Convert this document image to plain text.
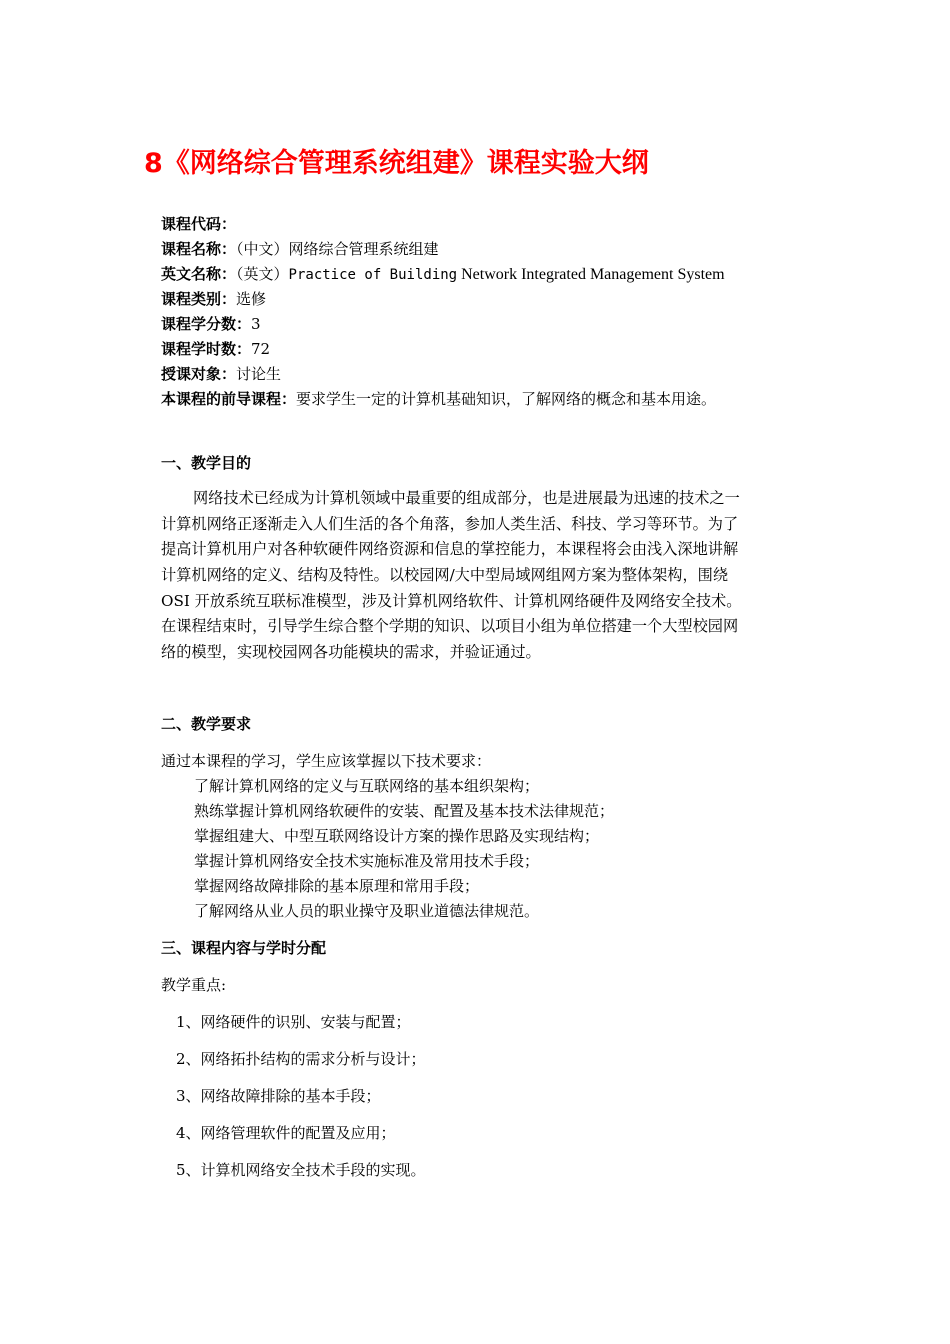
8《网络综合管理系统组建》课程实验大纲
课程代码：
课程名称：（中文）网络综合管理系统组建
英文名称：（英文）Practice of Building Network Integrated Management System
课程类别：选修
课程学分数：3
课程学时数：72
授课对象：讨论生
本课程的前导课程：要求学生一定的计算机基础知识，了解网络的概念和基本用途。
一、教学目的
网络技术已经成为计算机领域中最重要的组成部分，也是进展最为迅速的技术之一
计算机网络正逐渐走入人们生活的各个角落，参加人类生活、科技、学习等环节。为了
提高计算机用户对各种软硬件网络资源和信息的掌控能力，本课程将会由浅入深地讲解
计算机网络的定义、结构及特性。以校园网/大中型局域网组网方案为整体架构，围绕
OSI 开放系统互联标准模型，涉及计算机网络软件、计算机网络硬件及网络安全技术。
在课程结束时，引导学生综合整个学期的知识、以项目小组为单位搭建一个大型校园网
络的模型，实现校园网各功能模块的需求，并验证通过。
二、教学要求
通过本课程的学习，学生应该掌握以下技术要求：
了解计算机网络的定义与互联网络的基本组织架构；
熟练掌握计算机网络软硬件的安装、配置及基本技术法律规范；
掌握组建大、中型互联网络设计方案的操作思路及实现结构；
掌握计算机网络安全技术实施标准及常用技术手段；
掌握网络故障排除的基本原理和常用手段；
了解网络从业人员的职业操守及职业道德法律规范。
三、课程内容与学时分配
教学重点:
1、网络硬件的识别、安装与配置；
2、网络拓扑结构的需求分析与设计；
3、网络故障排除的基本手段；
4、网络管理软件的配置及应用；
5、计算机网络安全技术手段的实现。
